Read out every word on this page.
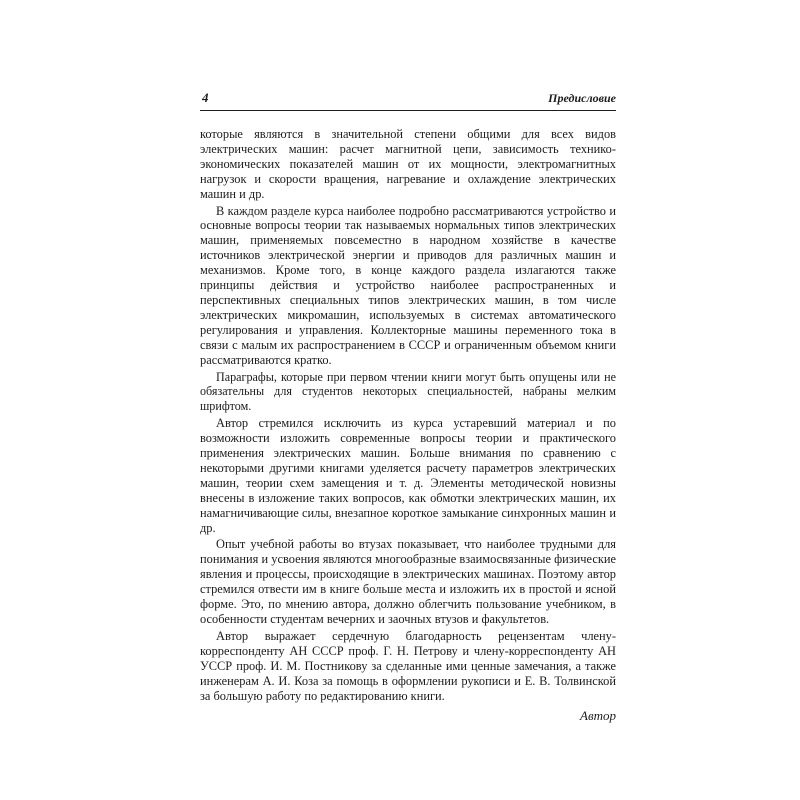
4	Предисловие

которые являются в значительной степени общими для всех видов электрических машин: расчет магнитной цепи, зависимость технико-экономических показателей машин от их мощности, электромагнитных нагрузок и скорости вращения, нагревание и охлаждение электрических машин и др.

В каждом разделе курса наиболее подробно рассматриваются устройство и основные вопросы теории так называемых нормальных типов электрических машин, применяемых повсеместно в народном хозяйстве в качестве источников электрической энергии и приводов для различных машин и механизмов. Кроме того, в конце каждого раздела излагаются также принципы действия и устройство наиболее распространенных и перспективных специальных типов электрических машин, в том числе электрических микромашин, используемых в системах автоматического регулирования и управления. Коллекторные машины переменного тока в связи с малым их распространением в СССР и ограниченным объемом книги рассматриваются кратко.

Параграфы, которые при первом чтении книги могут быть опущены или не обязательны для студентов некоторых специальностей, набраны мелким шрифтом.

Автор стремился исключить из курса устаревший материал и по возможности изложить современные вопросы теории и практического применения электрических машин. Больше внимания по сравнению с некоторыми другими книгами уделяется расчету параметров электрических машин, теории схем замещения и т. д. Элементы методической новизны внесены в изложение таких вопросов, как обмотки электрических машин, их намагничивающие силы, внезапное короткое замыкание синхронных машин и др.

Опыт учебной работы во втузах показывает, что наиболее трудными для понимания и усвоения являются многообразные взаимосвязанные физические явления и процессы, происходящие в электрических машинах. Поэтому автор стремился отвести им в книге больше места и изложить их в простой и ясной форме. Это, по мнению автора, должно облегчить пользование учебником, в особенности студентам вечерних и заочных втузов и факультетов.

Автор выражает сердечную благодарность рецензентам члену-корреспонденту АН СССР проф. Г. Н. Петрову и члену-корреспонденту АН УССР проф. И. М. Постникову за сделанные ими ценные замечания, а также инженерам А. И. Коза за помощь в оформлении рукописи и Е. В. Толвинской за большую работу по редактированию книги.

Автор
